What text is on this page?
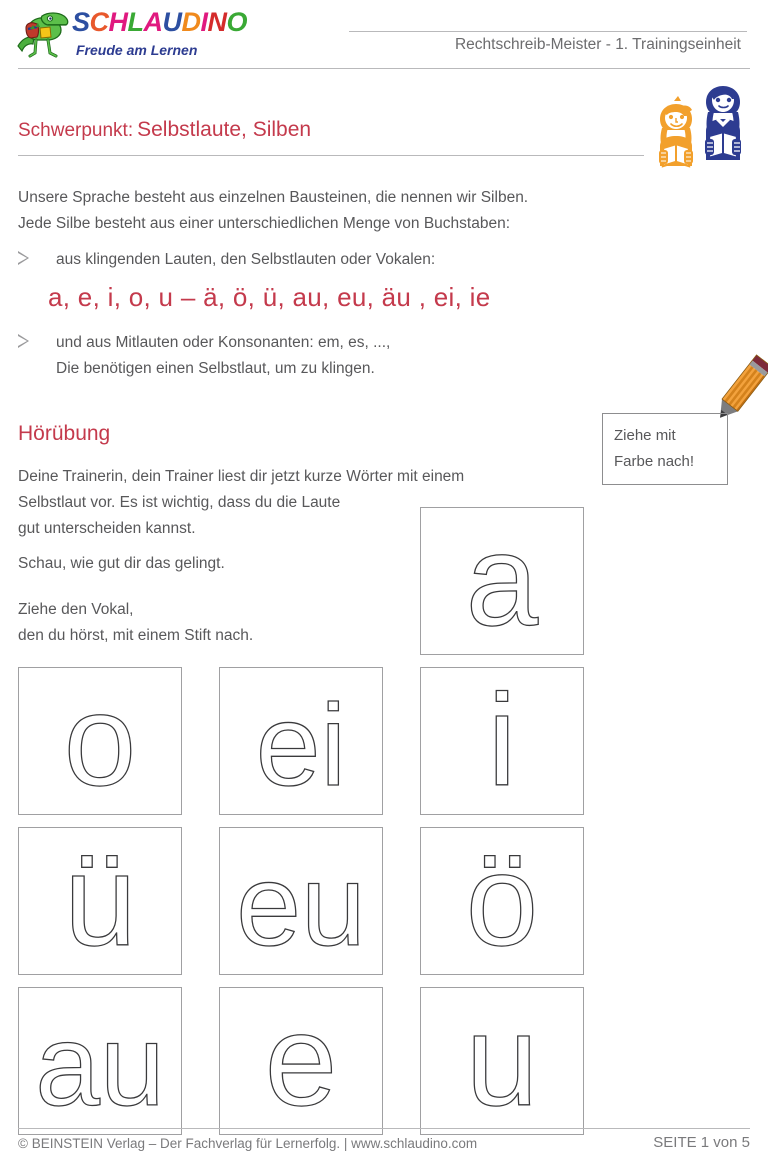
SCHLAUDINO
Freude am Lernen	Rechtschreib-Meister - 1. Trainingseinheit
Schwerpunkt: Selbstlaute, Silben
Unsere Sprache besteht aus einzelnen Bausteinen, die nennen wir Silben.
Jede Silbe besteht aus einer unterschiedlichen Menge von Buchstaben:
aus klingenden Lauten, den Selbstlauten oder Vokalen:
a, e, i, o, u – ä, ö, ü, au, eu, äu , ei, ie
und aus Mitlauten oder Konsonanten: em, es, ...,
Die benötigen einen Selbstlaut, um zu klingen.
Hörübung
Deine Trainerin, dein Trainer liest dir jetzt kurze Wörter mit einem
Selbstlaut vor. Es ist wichtig, dass du die Laute
gut unterscheiden kannst.
Schau, wie gut dir das gelingt.
Ziehe den Vokal,
den du hörst, mit einem Stift nach.
Ziehe mit
Farbe nach!
a
o ei i
ü eu ö
au e u
© BEINSTEIN Verlag – Der Fachverlag für Lernerfolg. | www.schlaudino.com	SEITE 1 von 5
